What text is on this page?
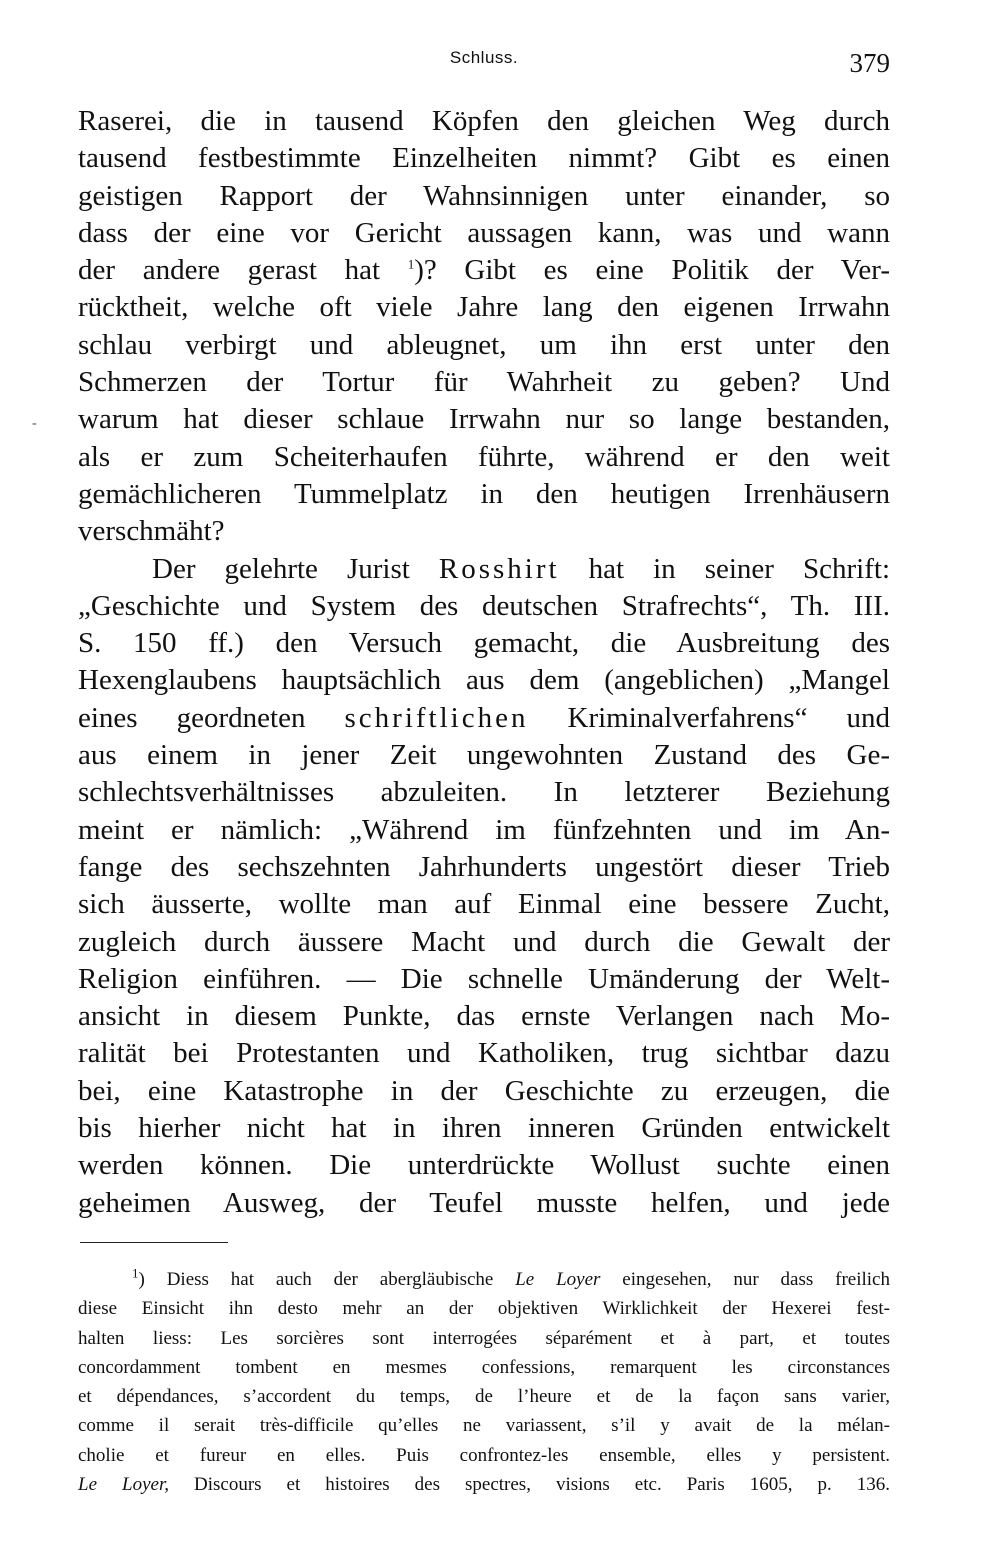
Schluss.	379
-
Raserei, die in tausend Köpfen den gleichen Weg durch
tausend festbestimmte Einzelheiten nimmt? Gibt es einen
geistigen Rapport der Wahnsinnigen unter einander, so
dass der eine vor Gericht aussagen kann, was und wann
der andere gerast hat $^1$)? Gibt es eine Politik der Ver-
rücktheit, welche oft viele Jahre lang den eigenen Irrwahn
schlau verbirgt und ableugnet, um ihn erst unter den
Schmerzen der Tortur für Wahrheit zu geben? Und
warum hat dieser schlaue Irrwahn nur so lange bestanden,
als er zum Scheiterhaufen führte, während er den weit
gemächlicheren Tummelplatz in den heutigen Irrenhäusern
verschmäht?
Der gelehrte Jurist Rosshirt hat in seiner Schrift:
„Geschichte und System des deutschen Strafrechts“, Th. III.
S. 150 ff.) den Versuch gemacht, die Ausbreitung des
Hexenglaubens hauptsächlich aus dem (angeblichen) „Mangel
eines geordneten schriftlichen Kriminalverfahrens“ und
aus einem in jener Zeit ungewohnten Zustand des Ge-
schlechtsverhältnisses abzuleiten. In letzterer Beziehung
meint er nämlich: „Während im fünfzehnten und im An-
fange des sechszehnten Jahrhunderts ungestört dieser Trieb
sich äusserte, wollte man auf Einmal eine bessere Zucht,
zugleich durch äussere Macht und durch die Gewalt der
Religion einführen. — Die schnelle Umänderung der Welt-
ansicht in diesem Punkte, das ernste Verlangen nach Mo-
ralität bei Protestanten und Katholiken, trug sichtbar dazu
bei, eine Katastrophe in der Geschichte zu erzeugen, die
bis hierher nicht hat in ihren inneren Gründen entwickelt
werden können. Die unterdrückte Wollust suchte einen
geheimen Ausweg, der Teufel musste helfen, und jede
$^1$) Diess hat auch der abergläubische Le Loyer eingesehen, nur dass freilich
diese Einsicht ihn desto mehr an der objektiven Wirklichkeit der Hexerei fest-
halten liess: Les sorcières sont interrogées séparément et à part, et toutes
concordamment tombent en mesmes confessions, remarquent les circonstances
et dépendances, s’accordent du temps, de l’heure et de la façon sans varier,
comme il serait très-difficile qu’elles ne variassent, s’il y avait de la mélan-
cholie et fureur en elles. Puis confrontez-les ensemble, elles y persistent.
Le Loyer, Discours et histoires des spectres, visions etc. Paris 1605, p. 136.
